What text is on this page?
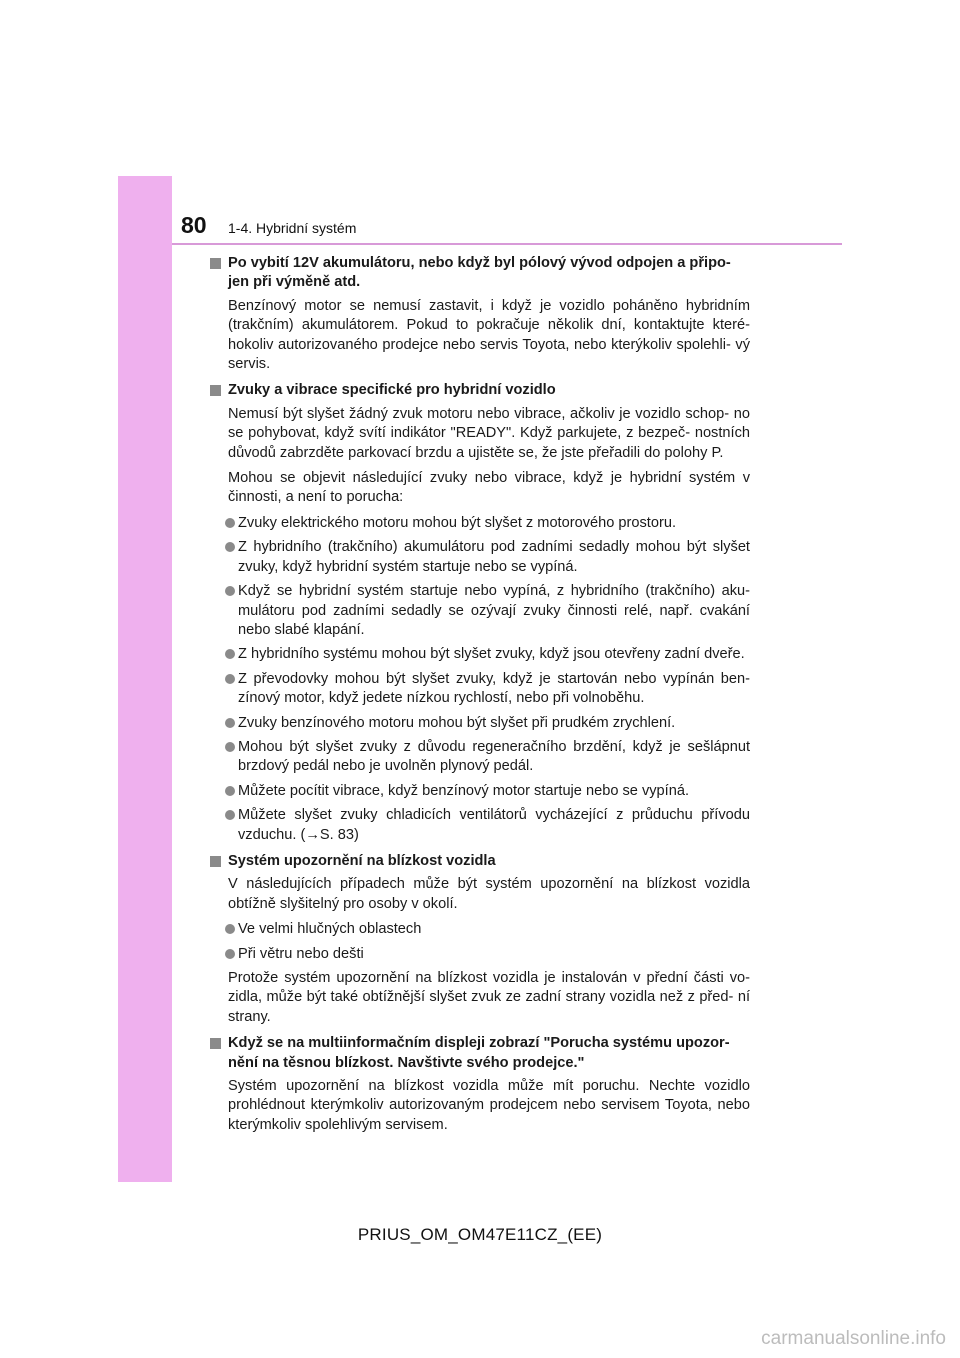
80 1-4. Hybridní systém
Po vybití 12V akumulátoru, nebo když byl pólový vývod odpojen a připo- jen při výměně atd.
Benzínový motor se nemusí zastavit, i když je vozidlo poháněno hybridním (trakčním) akumulátorem. Pokud to pokračuje několik dní, kontaktujte které- hokoliv autorizovaného prodejce nebo servis Toyota, nebo kterýkoliv spolehli- vý servis.
Zvuky a vibrace specifické pro hybridní vozidlo
Nemusí být slyšet žádný zvuk motoru nebo vibrace, ačkoliv je vozidlo schop- no se pohybovat, když svítí indikátor "READY". Když parkujete, z bezpeč- nostních důvodů zabrzděte parkovací brzdu a ujistěte se, že jste přeřadili do polohy P.
Mohou se objevit následující zvuky nebo vibrace, když je hybridní systém v činnosti, a není to porucha:
Zvuky elektrického motoru mohou být slyšet z motorového prostoru.
Z hybridního (trakčního) akumulátoru pod zadními sedadly mohou být slyšet zvuky, když hybridní systém startuje nebo se vypíná.
Když se hybridní systém startuje nebo vypíná, z hybridního (trakčního) aku- mulátoru pod zadními sedadly se ozývají zvuky činnosti relé, např. cvakání nebo slabé klapání.
Z hybridního systému mohou být slyšet zvuky, když jsou otevřeny zadní dveře.
Z převodovky mohou být slyšet zvuky, když je startován nebo vypínán ben- zínový motor, když jedete nízkou rychlostí, nebo při volnoběhu.
Zvuky benzínového motoru mohou být slyšet při prudkém zrychlení.
Mohou být slyšet zvuky z důvodu regeneračního brzdění, když je sešlápnut brzdový pedál nebo je uvolněn plynový pedál.
Můžete pocítit vibrace, když benzínový motor startuje nebo se vypíná.
Můžete slyšet zvuky chladicích ventilátorů vycházející z průduchu přívodu vzduchu. (→S. 83)
Systém upozornění na blízkost vozidla
V následujících případech může být systém upozornění na blízkost vozidla obtížně slyšitelný pro osoby v okolí.
Ve velmi hlučných oblastech
Při větru nebo dešti
Protože systém upozornění na blízkost vozidla je instalován v přední části vo- zidla, může být také obtížnější slyšet zvuk ze zadní strany vozidla než z před- ní strany.
Když se na multiinformačním displeji zobrazí "Porucha systému upozor- nění na těsnou blízkost. Navštivte svého prodejce."
Systém upozornění na blízkost vozidla může mít poruchu. Nechte vozidlo prohlédnout kterýmkoliv autorizovaným prodejcem nebo servisem Toyota, nebo kterýmkoliv spolehlivým servisem.
PRIUS_OM_OM47E11CZ_(EE)
carmanualsonline.info
